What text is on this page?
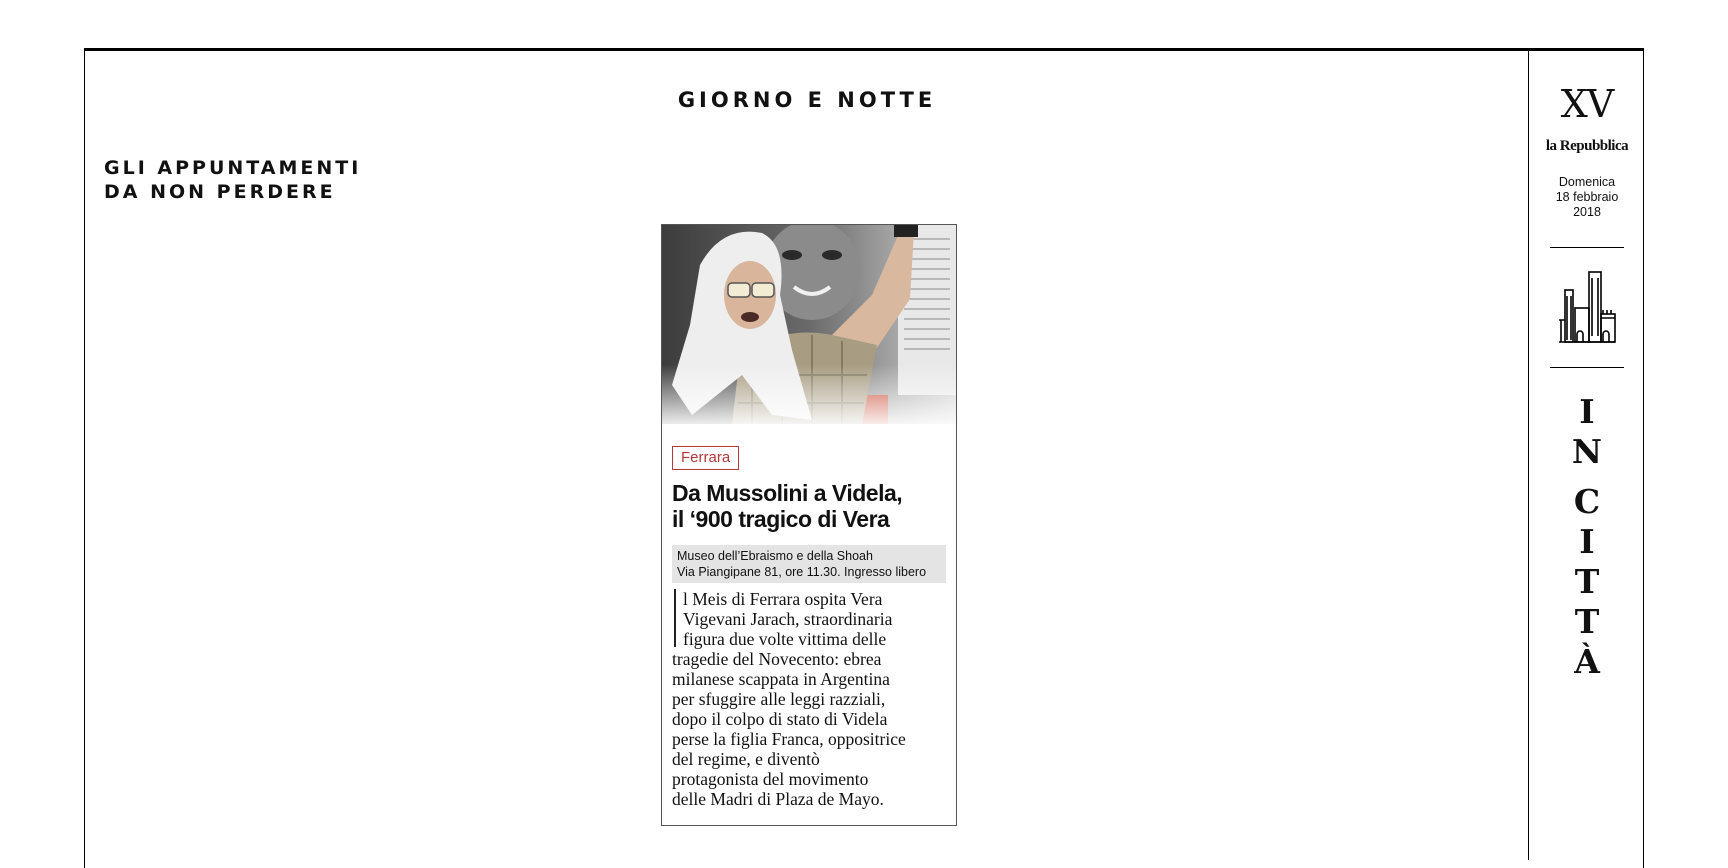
GIORNO E NOTTE
GLI APPUNTAMENTI
DA NON PERDERE
XV
la Repubblica
Domenica
18 febbraio
2018
I
N
C
I
T
T
À
Ferrara
Da Mussolini a Videla,
il ‘900 tragico di Vera
Museo dell’Ebraismo e della Shoah
Via Piangipane 81, ore 11.30. Ingresso libero
l Meis di Ferrara ospita Vera
Vigevani Jarach, straordinaria
figura due volte vittima delle
tragedie del Novecento: ebrea
milanese scappata in Argentina
per sfuggire alle leggi razziali,
dopo il colpo di stato di Videla
perse la figlia Franca, oppositrice
del regime, e diventò
protagonista del movimento
delle Madri di Plaza de Mayo.
